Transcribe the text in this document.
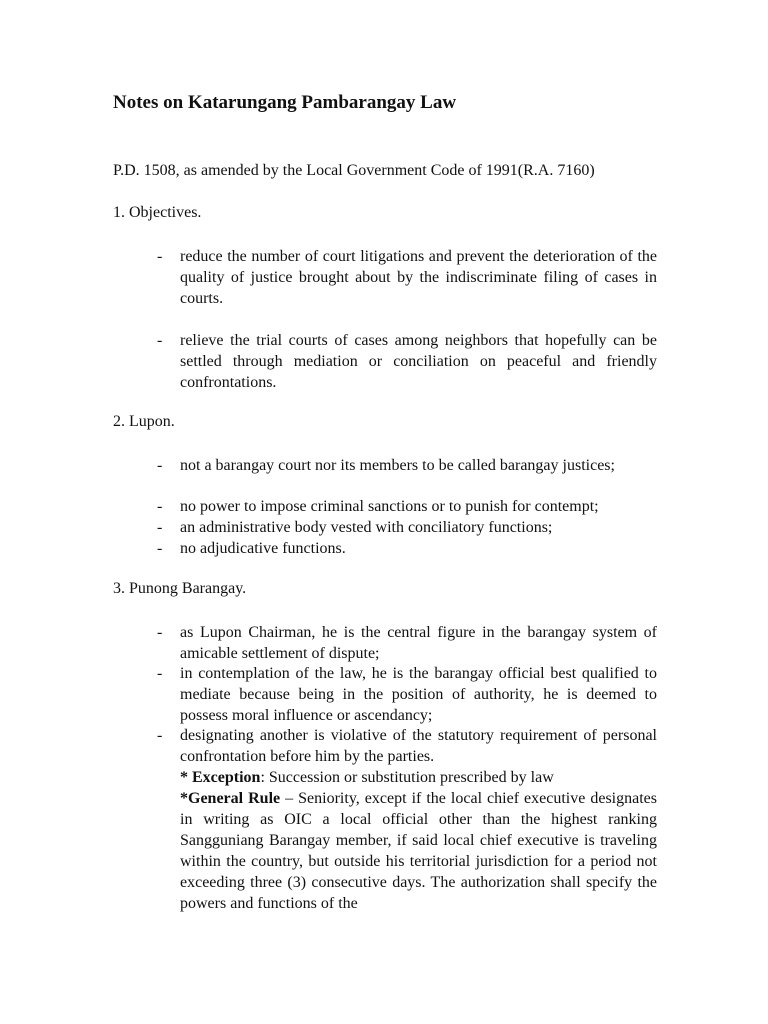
Notes on Katarungang Pambarangay Law

P.D. 1508, as amended by the Local Government Code of 1991(R.A. 7160)

1. Objectives.

- reduce the number of court litigations and prevent the deterioration of the quality of justice brought about by the indiscriminate filing of cases in courts.
- relieve the trial courts of cases among neighbors that hopefully can be settled through mediation or conciliation on peaceful and friendly confrontations.

2. Lupon.

- not a barangay court nor its members to be called barangay justices;
- no power to impose criminal sanctions or to punish for contempt;
- an administrative body vested with conciliatory functions;
- no adjudicative functions.

3. Punong Barangay.

- as Lupon Chairman, he is the central figure in the barangay system of amicable settlement of dispute;
- in contemplation of the law, he is the barangay official best qualified to mediate because being in the position of authority, he is deemed to possess moral influence or ascendancy;
- designating another is violative of the statutory requirement of personal confrontation before him by the parties.
* Exception: Succession or substitution prescribed by law
*General Rule – Seniority, except if the local chief executive designates in writing as OIC a local official other than the highest ranking Sangguniang Barangay member, if said local chief executive is traveling within the country, but outside his territorial jurisdiction for a period not exceeding three (3) consecutive days. The authorization shall specify the powers and functions of the
